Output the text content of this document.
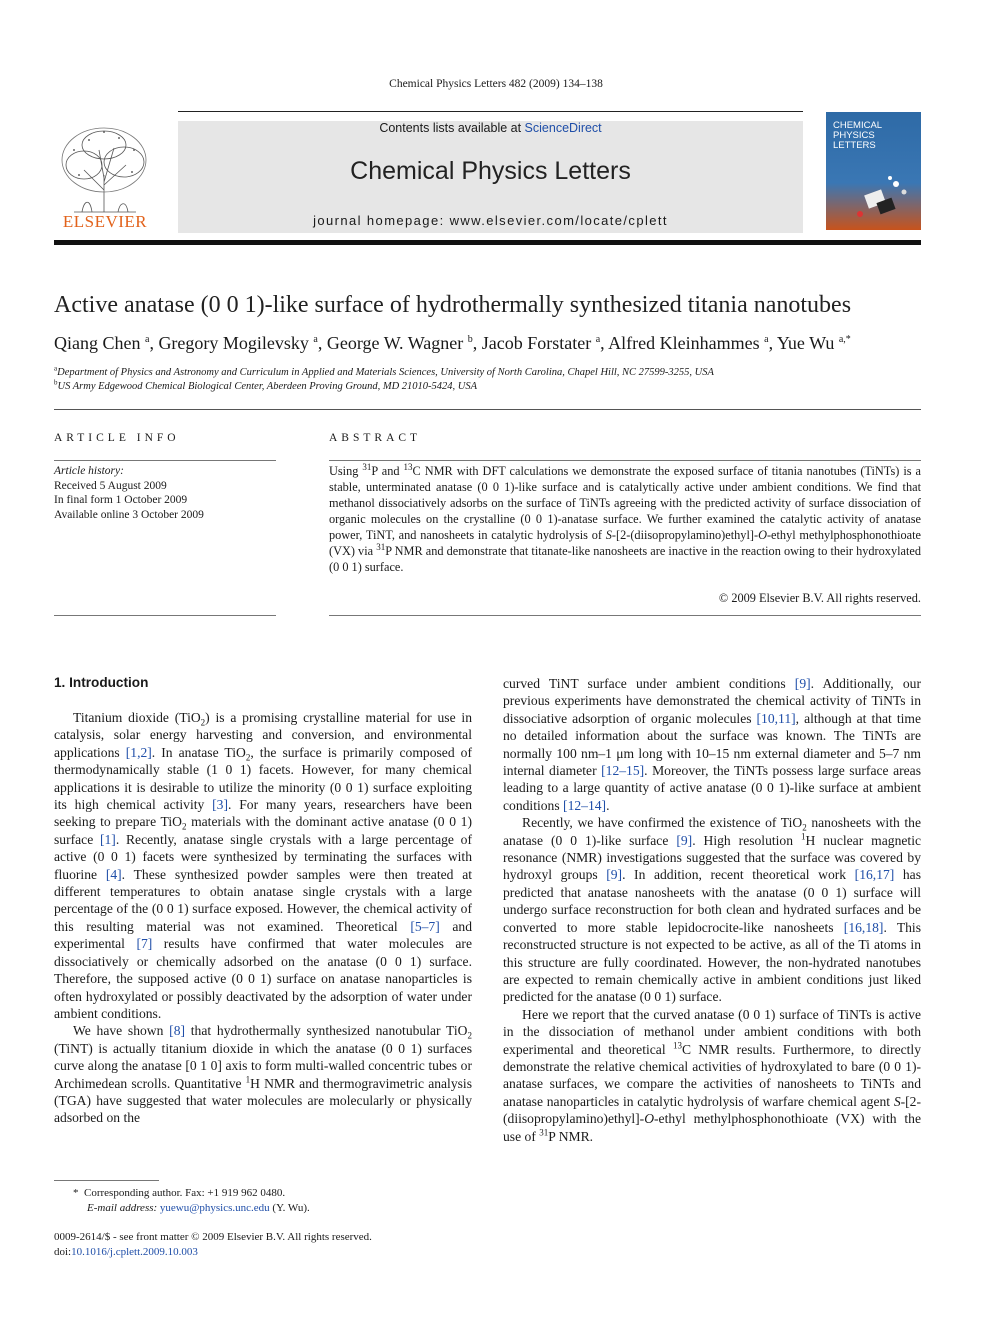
Chemical Physics Letters 482 (2009) 134–138
ELSEVIER
Contents lists available at ScienceDirect
Chemical Physics Letters
journal homepage: www.elsevier.com/locate/cplett
CHEMICAL
PHYSICS
LETTERS
Active anatase (0 0 1)-like surface of hydrothermally synthesized titania nanotubes
Qiang Chen $^a$, Gregory Mogilevsky $^a$, George W. Wagner $^b$, Jacob Forstater $^a$, Alfred Kleinhammes $^a$, Yue Wu $^{a,*}$
$^a$Department of Physics and Astronomy and Curriculum in Applied and Materials Sciences, University of North Carolina, Chapel Hill, NC 27599-3255, USA
$^b$US Army Edgewood Chemical Biological Center, Aberdeen Proving Ground, MD 21010-5424, USA
ARTICLE INFO
Article history:
Received 5 August 2009
In final form 1 October 2009
Available online 3 October 2009
ABSTRACT
Using $^{31}$P and $^{13}$C NMR with DFT calculations we demonstrate the exposed surface of titania nanotubes (TiNTs) is a stable, unterminated anatase (0 0 1)-like surface and is catalytically active under ambient conditions. We find that methanol dissociatively adsorbs on the surface of TiNTs agreeing with the predicted activity of surface dissociation of organic molecules on the crystalline (0 0 1)-anatase surface. We further examined the catalytic activity of anatase power, TiNT, and nanosheets in catalytic hydrolysis of S-[2-(diisopropylamino)ethyl]-O-ethyl methylphosphonothioate (VX) via $^{31}$P NMR and demonstrate that titanate-like nanosheets are inactive in the reaction owing to their hydroxylated (0 0 1) surface.
© 2009 Elsevier B.V. All rights reserved.
1. Introduction

Titanium dioxide (TiO$_2$) is a promising crystalline material for use in catalysis, solar energy harvesting and conversion, and environmental applications [1,2]. In anatase TiO$_2$, the surface is primarily composed of thermodynamically stable (1 0 1) facets. However, for many chemical applications it is desirable to utilize the minority (0 0 1) surface exploiting its high chemical activity [3]. For many years, researchers have been seeking to prepare TiO$_2$ materials with the dominant active anatase (0 0 1) surface [1]. Recently, anatase single crystals with a large percentage of active (0 0 1) facets were synthesized by terminating the surfaces with fluorine [4]. These synthesized powder samples were then treated at different temperatures to obtain anatase single crystals with a large percentage of the (0 0 1) surface exposed. However, the chemical activity of this resulting material was not examined. Theoretical [5–7] and experimental [7] results have confirmed that water molecules are dissociatively or chemically adsorbed on the anatase (0 0 1) surface. Therefore, the supposed active (0 0 1) surface on anatase nanoparticles is often hydroxylated or possibly deactivated by the adsorption of water under ambient conditions.

We have shown [8] that hydrothermally synthesized nanotubular TiO$_2$ (TiNT) is actually titanium dioxide in which the anatase (0 0 1) surfaces curve along the anatase [0 1 0] axis to form multi-walled concentric tubes or Archimedean scrolls. Quantitative $^1$H NMR and thermogravimetric analysis (TGA) have suggested that water molecules are molecularly or physically adsorbed on the

curved TiNT surface under ambient conditions [9]. Additionally, our previous experiments have demonstrated the chemical activity of TiNTs in dissociative adsorption of organic molecules [10,11], although at that time no detailed information about the surface was known. The TiNTs are normally 100 nm–1 μm long with 10–15 nm external diameter and 5–7 nm internal diameter [12–15]. Moreover, the TiNTs possess large surface areas leading to a large quantity of active anatase (0 0 1)-like surface at ambient conditions [12–14].

Recently, we have confirmed the existence of TiO$_2$ nanosheets with the anatase (0 0 1)-like surface [9]. High resolution $^1$H nuclear magnetic resonance (NMR) investigations suggested that the surface was covered by hydroxyl groups [9]. In addition, recent theoretical work [16,17] has predicted that anatase nanosheets with the anatase (0 0 1) surface will undergo surface reconstruction for both clean and hydrated surfaces and be converted to more stable lepidocrocite-like nanosheets [16,18]. This reconstructed structure is not expected to be active, as all of the Ti atoms in this structure are fully coordinated. However, the non-hydrated nanotubes are expected to remain chemically active in ambient conditions just liked predicted for the anatase (0 0 1) surface.

Here we report that the curved anatase (0 0 1) surface of TiNTs is active in the dissociation of methanol under ambient conditions with both experimental and theoretical $^{13}$C NMR results. Furthermore, to directly demonstrate the relative chemical activities of hydroxylated to bare (0 0 1)-anatase surfaces, we compare the activities of nanosheets to TiNTs and anatase nanoparticles in catalytic hydrolysis of warfare chemical agent S-[2-(diisopropylamino)ethyl]-O-ethyl methylphosphonothioate (VX) with the use of $^{31}$P NMR.

*  Corresponding author. Fax: +1 919 962 0480.
E-mail address: yuewu@physics.unc.edu (Y. Wu).
0009-2614/$ - see front matter © 2009 Elsevier B.V. All rights reserved.
doi:10.1016/j.cplett.2009.10.003
